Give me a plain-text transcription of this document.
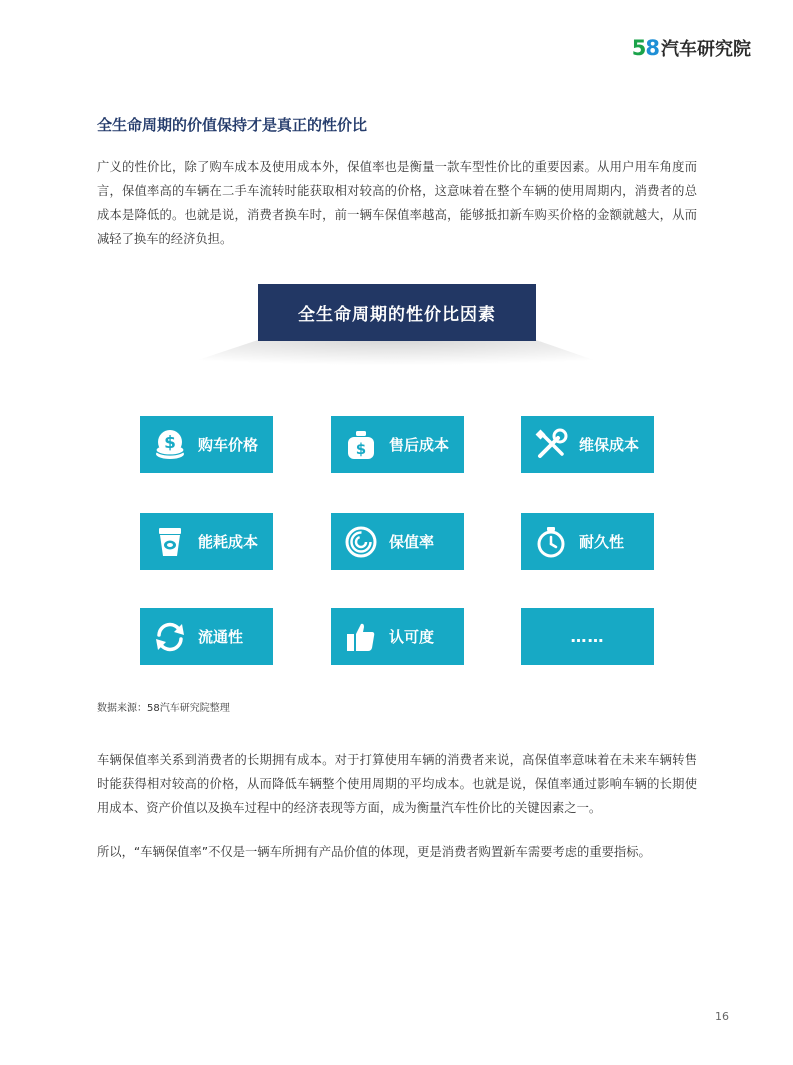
58 汽车研究院
全生命周期的价值保持才是真正的性价比

广义的性价比，除了购车成本及使用成本外，保值率也是衡量一款车型性价比的重要因素。从用户用车角度而言，保值率高的车辆在二手车流转时能获取相对较高的价格，这意味着在整个车辆的使用周期内，消费者的总成本是降低的。也就是说，消费者换车时，前一辆车保值率越高，能够抵扣新车购买价格的金额就越大，从而减轻了换车的经济负担。

全生命周期的性价比因素
$ 购车价格	$ 售后成本	维保成本
能耗成本	保值率	耐久性
流通性	认可度	……
数据来源：58汽车研究院整理

车辆保值率关系到消费者的长期拥有成本。对于打算使用车辆的消费者来说，高保值率意味着在未来车辆转售时能获得相对较高的价格，从而降低车辆整个使用周期的平均成本。也就是说，保值率通过影响车辆的长期使用成本、资产价值以及换车过程中的经济表现等方面，成为衡量汽车性价比的关键因素之一。

所以，“车辆保值率”不仅是一辆车所拥有产品价值的体现，更是消费者购置新车需要考虑的重要指标。

16
